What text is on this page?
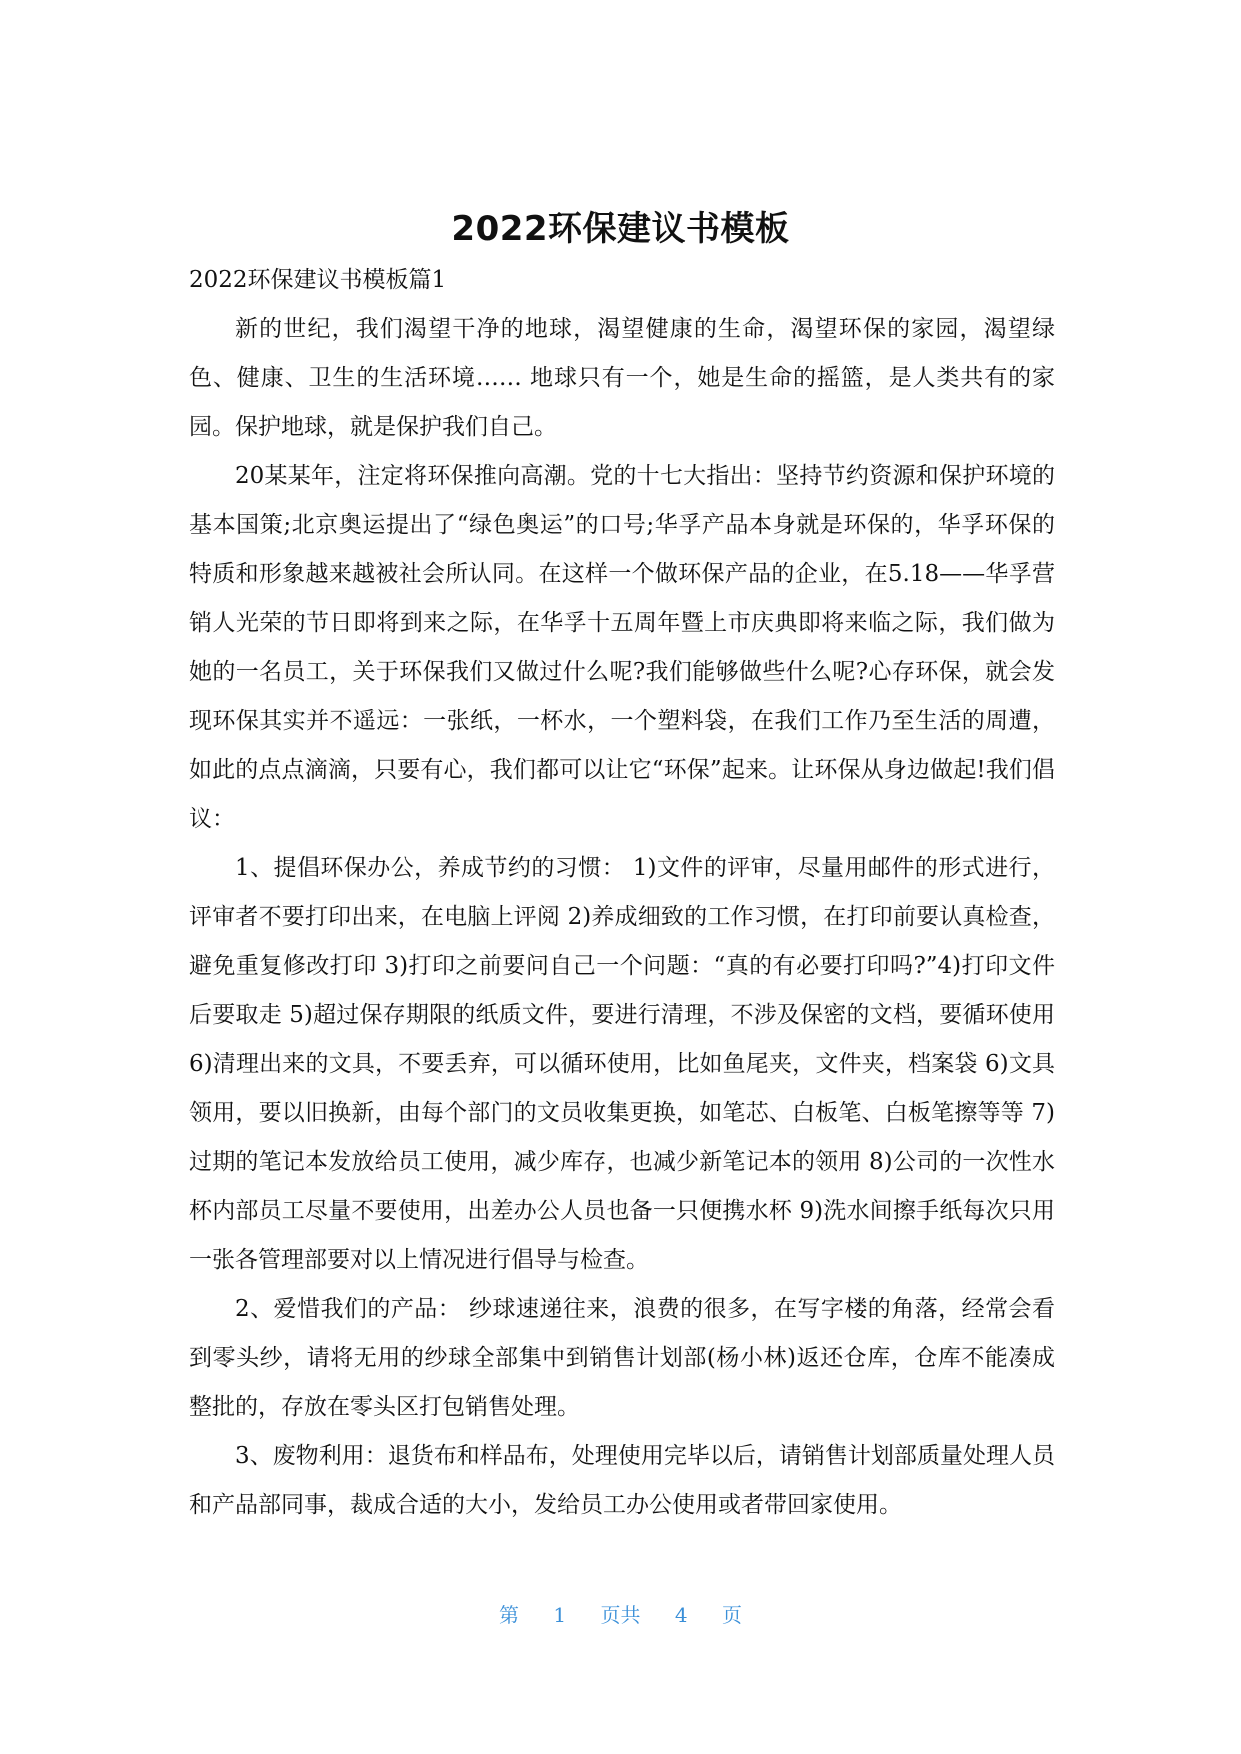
2022环保建议书模板

2022环保建议书模板篇1

新的世纪，我们渴望干净的地球，渴望健康的生命，渴望环保的家园，渴望绿色、健康、卫生的生活环境…… 地球只有一个，她是生命的摇篮，是人类共有的家园。保护地球，就是保护我们自己。

20某某年，注定将环保推向高潮。党的十七大指出：坚持节约资源和保护环境的基本国策;北京奥运提出了“绿色奥运”的口号;华孚产品本身就是环保的，华孚环保的特质和形象越来越被社会所认同。在这样一个做环保产品的企业，在5.18——华孚营销人光荣的节日即将到来之际，在华孚十五周年暨上市庆典即将来临之际，我们做为她的一名员工，关于环保我们又做过什么呢?我们能够做些什么呢?心存环保，就会发现环保其实并不遥远：一张纸，一杯水，一个塑料袋，在我们工作乃至生活的周遭，如此的点点滴滴，只要有心，我们都可以让它“环保”起来。让环保从身边做起!我们倡议：

1、提倡环保办公，养成节约的习惯： 1)文件的评审，尽量用邮件的形式进行，评审者不要打印出来，在电脑上评阅 2)养成细致的工作习惯，在打印前要认真检查，避免重复修改打印 3)打印之前要问自己一个问题：“真的有必要打印吗?”4)打印文件后要取走 5)超过保存期限的纸质文件，要进行清理，不涉及保密的文档，要循环使用 6)清理出来的文具，不要丢弃，可以循环使用，比如鱼尾夹，文件夹，档案袋 6)文具领用，要以旧换新，由每个部门的文员收集更换，如笔芯、白板笔、白板笔擦等等 7)过期的笔记本发放给员工使用，减少库存，也减少新笔记本的领用 8)公司的一次性水杯内部员工尽量不要使用，出差办公人员也备一只便携水杯 9)洗水间擦手纸每次只用一张各管理部要对以上情况进行倡导与检查。

2、爱惜我们的产品： 纱球速递往来，浪费的很多，在写字楼的角落，经常会看到零头纱，请将无用的纱球全部集中到销售计划部(杨小林)返还仓库，仓库不能凑成整批的，存放在零头区打包销售处理。

3、废物利用：退货布和样品布，处理使用完毕以后，请销售计划部质量处理人员和产品部同事，裁成合适的大小，发给员工办公使用或者带回家使用。

第 1 页共 4 页
